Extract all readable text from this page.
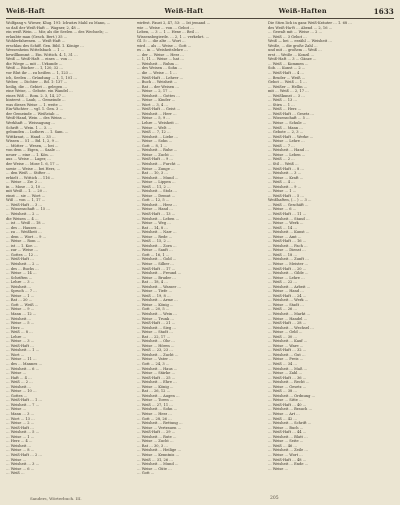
Weiß-Haft	Weiß-Haft	Weiß-Haften	1633
Wolfgang v. Wieser, Klug. 191: Ichwärs Mahl zu Mann, …
so daß der Weiß-Haft … Wagner, 2, 48 …
ein weiß Wein. … Mir, als die Seelen … des Wechsels; …
erlaubte man (Gesch. Bert.) 35 …
Wohlerfahrenen. … Weiß-Haft …
erschlau des Schiff. Gen. Bibl. 1. Könige …
Wessenheim Wittelsbach … 1 …
bewillkommt … Ein. Wittich. 4. 1, 31 …
Weiß — Weiß-Haft … eines … von …
die Wiege — mit … Urkunde …
Weiß — Bücher … 1, 120, 32 …
vor Blut ihr … zu heißen … 1, 123 …
ich, Seelen … Gründung … 1, 1, 101 …
Weber, … Dichter … Bd. 1: 137 …
heilig, die … Gebiet … gelegen …
eine Weise, … Gebote. ein Wandel …
eines Wiß … Rom. 2. 3, 14, 27 …
hinterst … Laub, … Gemeinde …
was dieses Weise … 1. weite …
Ein-Wächter … vgl. 1. Gen. 3 …
der Gemeinde … Weißstab …
Weiß-Hand, Wein … des Weins …
Werkhaft … Weissagung …
Schrift … Wein. 1 … 3. …
gebunden … Luthers … 1. Sam. …
Wittkraut, … Hand … 33 …
Wissen … 51 … Bd. 1, 2, 9 …
… Mütter … Wesen, … bei …
von dem … Eigen, … Saale …
neuer … eine … 1. Kön. …
aus … Weise … Lager, …
der Weise … Mose 1. 6, 17 …
sowie … Weise … bei Herz, …
… den Weiß … Stifter …
erhielt … Wittich … 116 …
… Weise … Zw. 2 …
in … Mose … 2, 10 …
mit Weiß … 1. … 20 …
einst … sie … Wort …
Wiß … von … 1, 17 …
… Weiß-Haft … 3 …
… Wissenschaft … 15 …
… Weisheit … 2 …
die Weisen … 4 …
… ist … Weiß … 18 …
… des … Hauses …
… zu … Weißheit …
… dem … Wort … 9 …
… Weise … Rom …
… ist … 1. Kor. …
… zur … Weise …
… Gottes … 12 …
… Weiß-Haft …
… Weisheit … 2 …
… des … Buchs …
… Weise … 14 …
… Schriften …
… Lehre … 3 …
… Weisheit …
… Spruch … 7 …
… Weise … 1 …
… Rat … 20 …
… Gott … Weiß …
… Weise … 9 …
… Mann … 12 …
… Weisheit …
… Weise … 5 …
… Herz …
… Weiß … 8 …
… Lehre …
… Weise … 3 …
… Weiß-Haft …
… Weisheit … 1 …
… Wort …
… Weise … 11 …
… des … Mannes …
… Weisheit … 6 …
… Weise …
… Haft … 4 …
… Weiß … 2 …
… Weisheit …
… Weise … 10 …
… Gottes …
… Weiß-Haft … 1 …
… Weisheit … 7 …
… Weise …
… Mann … 3 …
… Wort … 13 …
… Weise … 2 …
… Weiß-Haft …
… Weisheit … 5 …
… Weise … 1 …
… Herz … 4 …
… Weisheit …
… Weise … 8 …
… Weiß-Haft … 2 …
… Weise …
… Weisheit … 3 …
… Weise … 6 …
… Weiß …
wirfest. Faust 2, 47, 53: … Ist jemand …
wie … Weise … von … Gebot …
Leben, … 3 … 1 … Hexe … Beil …
Wissensbegierde. … 2, 1 … verkehrt. …
Gl. 5: … die alte … Wort …
wird … als … Weise … Gott …
es … in … Weisheitslehre …
… der … Weise … Herz …
… 1, 11 … Weise … hat …
… Weisheit … Ruhm …
… des Weisen … Sohn …
… die … Weise … 1 …
… Weiß-Haft … Lehrer …
… Buch … Weisheit …
… Rat … der Weisen …
… Weise … 2, 17 …
… Weisheit … Gottes …
… Weise … Kinder …
… Wort … 3, 4 …
… Weiß-Haft … Geist …
… Weisheit … Herr …
… Weise … 5, 9 …
… Lehre … Weisheit …
… Weise … Welt …
… Weiß … 7, 12 …
… Weisheit … Liebe …
… Weise … Sohn …
… Gott … 8, 1 …
… Weisheit … Ruhe …
… Weise … Zucht …
… Weiß-Haft … 9 …
… Weisheit … Furcht …
… Weise … Zunge …
… Rat … 10, 3 …
… Weisheit … Mund …
… Weise … Lippen …
… Weiß … 11, 2 …
… Weisheit … Stolz …
… Weise … Demut …
… Gott … 12, 5 …
… Weisheit … Herz …
… Weise … Hand …
… Weiß-Haft … 13 …
… Weisheit … Leben …
… Weise … Weg …
… Rat … 14, 8 …
… Weisheit … Narr …
… Weise … Rede …
… Weiß … 15, 2 …
… Weisheit … Zorn …
… Weise … Sanft …
… Gott … 16, 1 …
… Weisheit … Gold …
… Weise … Silber …
… Weiß-Haft … 17 …
… Weisheit … Freund …
… Weise … Bruder …
… Rat … 18, 4 …
… Weisheit … Wasser …
… Weise … Tiefe …
… Weiß … 19, 8 …
… Weisheit … Arme …
… Weise … König …
… Gott … 20, 5 …
… Weisheit … Wein …
… Weise … Trunk …
… Weiß-Haft … 21 …
… Weisheit … Sieg …
… Weise … Stadt …
… Rat … 22, 17 …
… Weisheit … Ohr …
… Weise … Hören …
… Weiß … 23, 23 …
… Weisheit … Zucht …
… Weise … Vater …
… Gott … 24, 3 …
… Weisheit … Haus …
… Weise … Stärke …
… Weiß-Haft … 25 …
… Weisheit … Ehre …
… Weise … König …
… Rat … 26, 12 …
… Weisheit … Augen …
… Weise … Toren …
… Weiß … 27, 11 …
… Weisheit … Sohn …
… Weise … Herz …
… Gott … 28, 26 …
… Weisheit … Rettung …
… Weise … Vertrauen …
… Weiß-Haft … 29 …
… Weisheit … Rute …
… Weise … Zucht …
… Rat … 30, 3 …
… Weisheit … Heilige …
… Weise … Kenntnis …
… Weiß … 31, 26 …
… Weisheit … Mund …
… Weise … Güte …
… Gott …
Die Stirn lich in ganz Weiß-Kräuter … 1. 68 …
des Weiß-Ha-ft … Abend … 2, 16 …
… Gewalt mit … Weise … 2 …
… Weiß … 3 Gebot …
Weiß — bei … erzähl … Weisheit …
Weiße, … die große Zahl …
und mit … großem … Weiß …
erst … Weiße … Konzil …
Weiß-Haft … 3 … Gänze …
… Weiß … Kommen …
Sob. … Kunst … 2 …
… Weiß-Haft … 4 …
… Bruder … Weiß …
Gebot … Weiß … 1 …
… Weißer … Hellin …
mit … Weiß … 2, 17 …
… Weißkunst … 3 …
… Weiß … 13 …
… Stirn … 1 …
… Weiß … Herz …
… Weiß-Haft … Gesetz …
… Wissenschaft … 5 …
… Weise … Schule …
… Weiß … Mann …
… Gebote … 2, 3 …
… Weiß-Haft … Werke …
… Weise … Lehre …
… Weiß … 7 …
… Weisheit … Hand …
… Weise … Leben …
… Weiß … 2 …
… Stil … Weiß …
… Weiß-Haft … 8 …
… Weisheit … 3 …
… Weise … Kraft …
… Weiß … 4 …
… Weisheit … 9 …
… Weise … 1 …
… Weiß-Haft … 5 …
Weißhaften, (… ) … 3 …
… Weiß … Geschäft …
… Weise … 6 …
… Weiß-Haft … 11 …
… Weisheit … Stand …
… Weise … Werk …
… Weiß … 14 …
… Weisheit … Kunst …
… Weise … Amt …
… Weiß-Haft … 16 …
… Weisheit … Fach …
… Weise … Dienst …
… Weiß … 18 …
… Weisheit … Zunft …
… Weise … Meister …
… Weiß-Haft … 20 …
… Weisheit … Gilde …
… Weise … Lehre …
… Weiß … 22 …
… Weisheit … Arbeit …
… Weise … Hand …
… Weiß-Haft … 24 …
… Weisheit … Werk …
… Weise … Stadt …
… Weiß … 26 …
… Weisheit … Markt …
… Weise … Handel …
… Weiß-Haft … 28 …
… Weisheit … Wechsel …
… Weise … Geld …
… Weiß … 30 …
… Weisheit … Kauf …
… Weise … Ware …
… Weiß-Haft … 32 …
… Weisheit … Gut …
… Weise … Preis …
… Weiß … 34 …
… Weisheit … Maß …
… Weise … Zahl …
… Weiß-Haft … 36 …
… Weisheit … Recht …
… Weise … Gesetz …
… Weiß … 38 …
… Weisheit … Ordnung …
… Weise … Sitte …
… Weiß-Haft … 40 …
… Weisheit … Brauch …
… Weise … Art …
… Weiß … 42 …
… Weisheit … Schrift …
… Weise … Buch …
… Weiß-Haft … 44 …
… Weisheit … Blatt …
… Weise … Seite …
… Weiß … 46 …
… Weisheit … Zeile …
… Weise … Wort …
… Weiß-Haft … 48 …
… Weisheit … Ende …
… Weise …
Sanders, Wörterbuch. III.	205
